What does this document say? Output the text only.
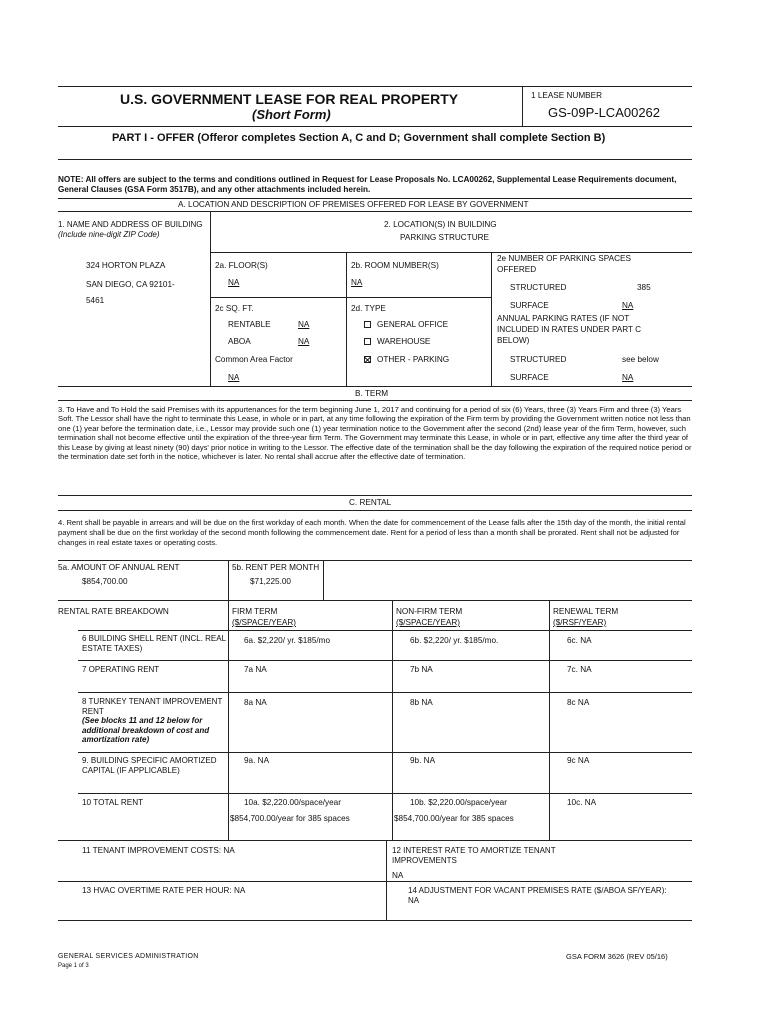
U.S. GOVERNMENT LEASE FOR REAL PROPERTY
(Short Form)
1 LEASE NUMBER
GS-09P-LCA00262
PART I - OFFER (Offeror completes Section A, C and D; Government shall complete Section B)
NOTE: All offers are subject to the terms and conditions outlined in Request for Lease Proposals No. LCA00262, Supplemental Lease Requirements document, General Clauses (GSA Form 3517B), and any other attachments included herein.
A. LOCATION AND DESCRIPTION OF PREMISES OFFERED FOR LEASE BY GOVERNMENT
1. NAME AND ADDRESS OF BUILDING (Include nine-digit ZIP Code)
2. LOCATION(S) IN BUILDING
PARKING STRUCTURE
324 HORTON PLAZA
SAN DIEGO, CA 92101-
5461
2a. FLOOR(S)
NA
2b. ROOM NUMBER(S)
NA
2c SQ. FT.
RENTABLE	NA
ABOA	NA
Common Area Factor
NA
2d. TYPE
GENERAL OFFICE
WAREHOUSE
OTHER - PARKING
2e NUMBER OF PARKING SPACES
OFFERED
STRUCTURED	385
SURFACE	NA
ANNUAL PARKING RATES (IF NOT
INCLUDED IN RATES UNDER PART C
BELOW)
STRUCTURED	see below
SURFACE	NA
B. TERM
3. To Have and To Hold the said Premises with its appurtenances for the term beginning June 1, 2017 and continuing for a period of six (6) Years, three (3) Years Firm and three (3) Years Soft. The Lessor shall have the right to terminate this Lease, in whole or in part, at any time following the expiration of the Firm term by providing the Government written notice not less than one (1) year before the termination date, i.e., Lessor may provide such one (1) year termination notice to the Government after the second (2nd) lease year of the firm Term, however, such termination shall not become effective until the expiration of the three-year firm Term. The Government may terminate this Lease, in whole or in part, effective any time after the third year of this Lease by giving at least ninety (90) days' prior notice in writing to the Lessor. The effective date of the termination shall be the day following the expiration of the required notice period or the termination date set forth in the notice, whichever is later. No rental shall accrue after the effective date of termination.
C. RENTAL
4. Rent shall be payable in arrears and will be due on the first workday of each month. When the date for commencement of the Lease falls after the 15th day of the month, the initial rental payment shall be due on the first workday of the second month following the commencement date. Rent for a period of less than a month shall be prorated. Rent shall not be adjusted for changes in real estate taxes or operating costs.
5a. AMOUNT OF ANNUAL RENT
$854,700.00
5b. RENT PER MONTH
$71,225.00
RENTAL RATE BREAKDOWN	FIRM TERM
($/SPACE/YEAR)
NON-FIRM TERM
($/SPACE/YEAR)
RENEWAL TERM
($/RSF/YEAR)
6 BUILDING SHELL RENT (INCL. REAL ESTATE TAXES)
6a. $2,220/ yr. $185/mo	6b. $2,220/ yr. $185/mo.	6c. NA
7 OPERATING RENT	7a NA	7b NA	7c. NA
8 TURNKEY TENANT IMPROVEMENT RENT
(See blocks 11 and 12 below for additional breakdown of cost and amortization rate)
8a NA	8b NA	8c NA
9. BUILDING SPECIFIC AMORTIZED CAPITAL (IF APPLICABLE)
9a. NA	9b. NA	9c NA
10 TOTAL RENT	10a. $2,220.00/space/year
$854,700.00/year for 385 spaces
10b. $2,220.00/space/year
$854,700.00/year for 385 spaces
10c. NA
11 TENANT IMPROVEMENT COSTS: NA	12 INTEREST RATE TO AMORTIZE TENANT IMPROVEMENTS
NA
13 HVAC OVERTIME RATE PER HOUR: NA	14 ADJUSTMENT FOR VACANT PREMISES RATE ($/ABOA SF/YEAR): NA
GENERAL SERVICES ADMINISTRATION
Page 1 of 3
GSA FORM 3626 (REV 05/16)
